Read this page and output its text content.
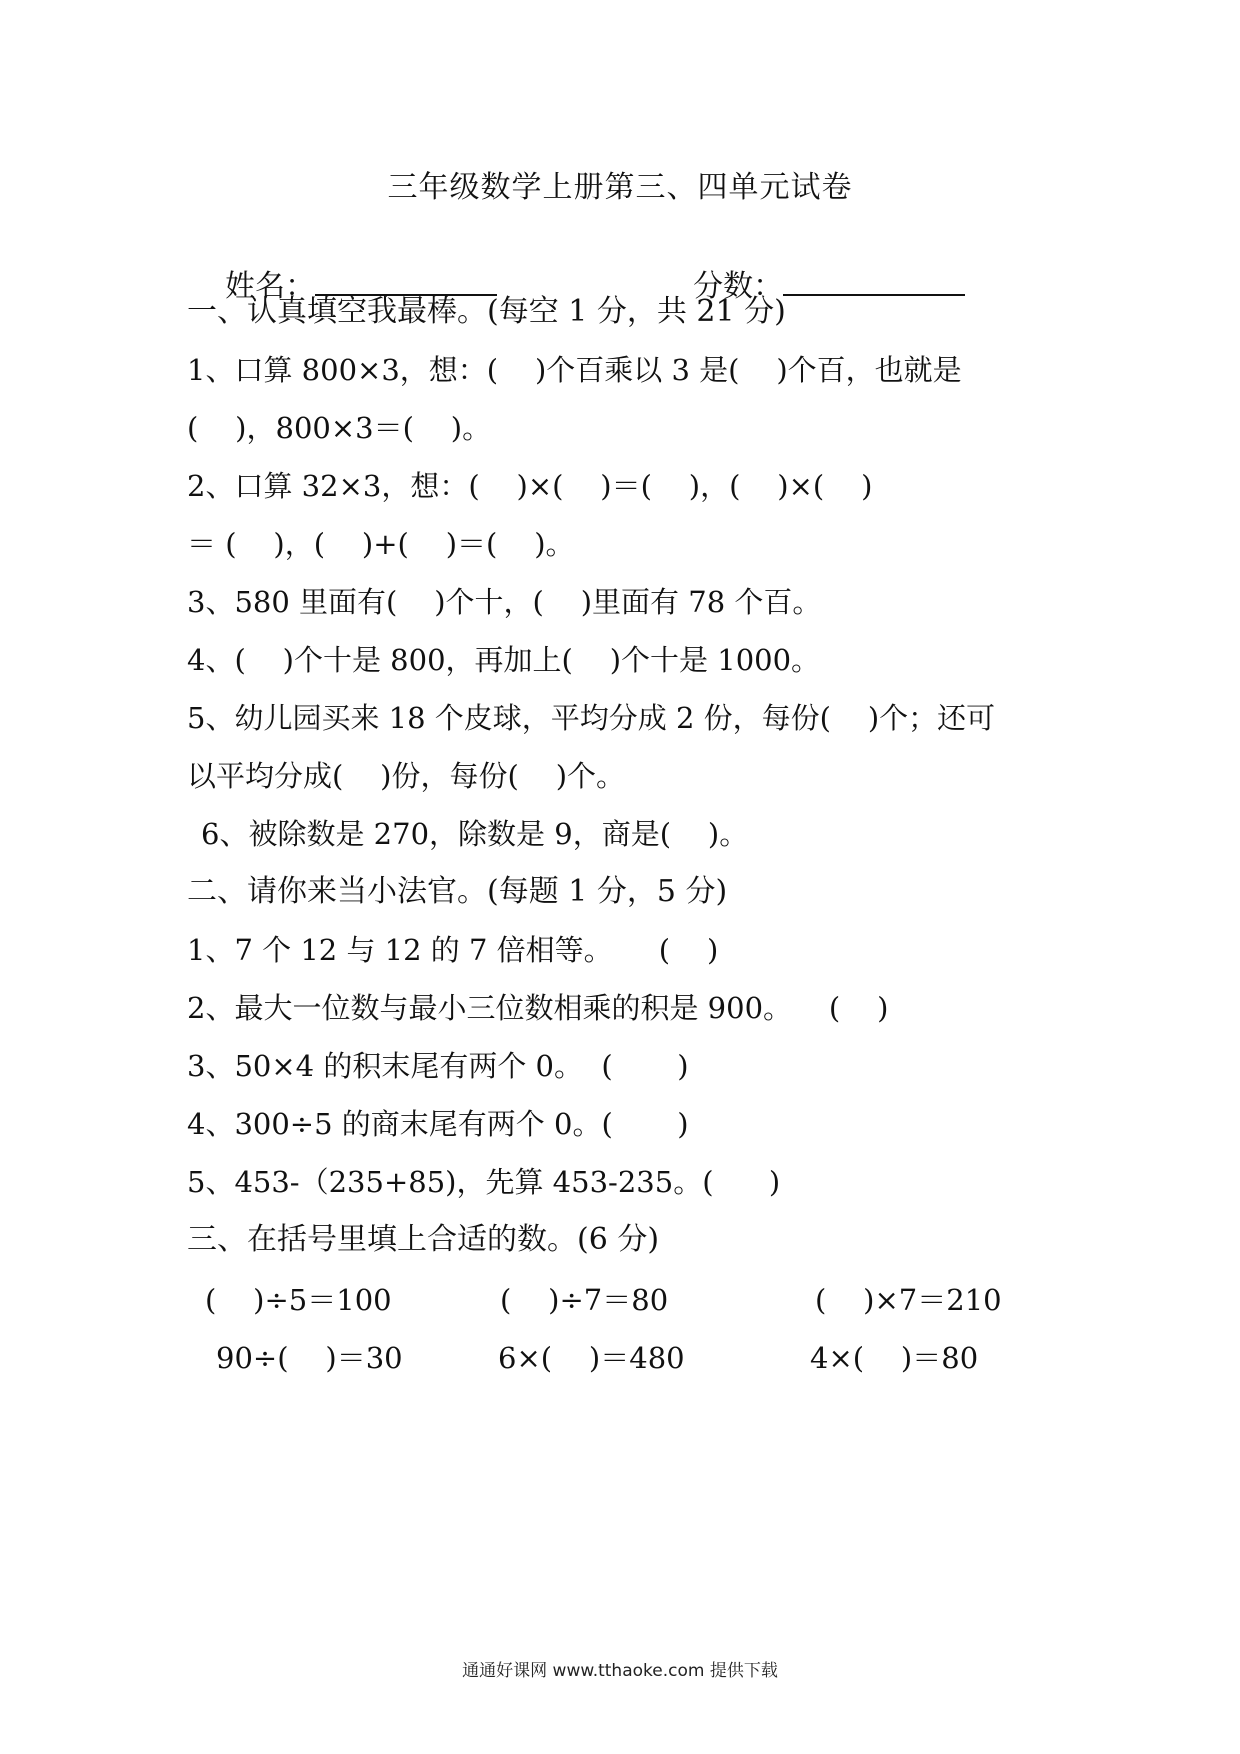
三年级数学上册第三、四单元试卷

姓名：	分数：

一、认真填空我最棒。(每空 1 分，共 21 分)
1、口算 800×3，想：(    )个百乘以 3 是(    )个百，也就是
(    )，800×3＝(    )。
2、口算 32×3，想：(    )×(    )＝(    )，(    )×(    )
＝ (    )，(    )+(    )＝(    )。
3、580 里面有(    )个十，(    )里面有 78 个百。
4、(    )个十是 800，再加上(    )个十是 1000。
5、幼儿园买来 18 个皮球，平均分成 2 份，每份(    )个；还可
以平均分成(    )份，每份(    )个。
6、被除数是 270，除数是 9，商是(    )。
二、请你来当小法官。(每题 1 分，5 分)
1、7 个 12 与 12 的 7 倍相等。     (    )
2、最大一位数与最小三位数相乘的积是 900。    (    )
3、50×4 的积末尾有两个 0。  (       )
4、300÷5 的商末尾有两个 0。(       )
5、453-（235+85)，先算 453-235。(      )
三、在括号里填上合适的数。(6 分)
(    )÷5＝100	(    )÷7＝80	(    )×7＝210
90÷(    )＝30	6×(    )＝480	4×(    )＝80
通通好课网 www.tthaoke.com 提供下载
